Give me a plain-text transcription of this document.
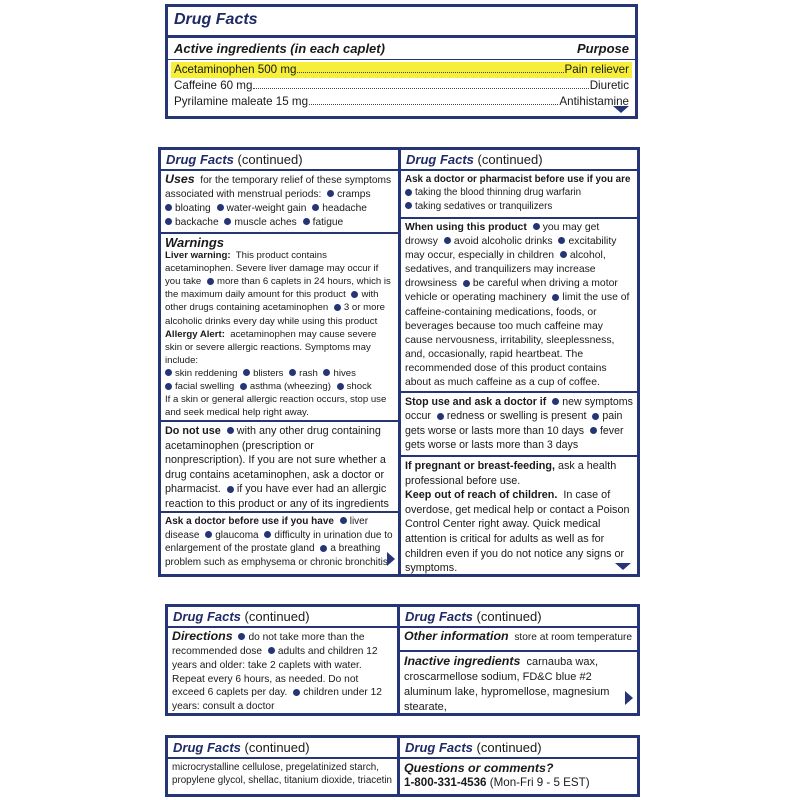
Drug Facts
Active ingredients (in each caplet)	Purpose
Acetaminophen 500 mg	Pain reliever
Caffeine 60 mg	Diuretic
Pyrilamine maleate 15 mg	Antihistamine
Drug Facts (continued)
Uses for the temporary relief of these symptoms associated with menstrual periods: cramps
bloating water-weight gain headache
backache muscle aches fatigue
Warnings
Liver warning: This product contains acetaminophen. Severe liver damage may occur if you take more than 6 caplets in 24 hours, which is the maximum daily amount for this product with other drugs containing acetaminophen 3 or more alcoholic drinks every day while using this product
Allergy Alert: acetaminophen may cause severe skin or severe allergic reactions. Symptoms may include:
skin reddening blisters rash hives
facial swelling asthma (wheezing) shock
If a skin or general allergic reaction occurs, stop use and seek medical help right away.
Do not use with any other drug containing acetaminophen (prescription or nonprescription). If you are not sure whether a drug contains acetaminophen, ask a doctor or pharmacist. if you have ever had an allergic reaction to this product or any of its ingredients
Ask a doctor before use if you have liver disease glaucoma difficulty in urination due to enlargement of the prostate gland a breathing problem such as emphysema or chronic bronchitis
Drug Facts (continued)
Ask a doctor or pharmacist before use if you are
taking the blood thinning drug warfarin
taking sedatives or tranquilizers
When using this product you may get drowsy avoid alcoholic drinks excitability may occur, especially in children alcohol, sedatives, and tranquilizers may increase drowsiness be careful when driving a motor vehicle or operating machinery limit the use of caffeine-containing medications, foods, or beverages because too much caffeine may cause nervousness, irritability, sleeplessness, and, occasionally, rapid heartbeat. The recommended dose of this product contains about as much caffeine as a cup of coffee.
Stop use and ask a doctor if new symptoms occur redness or swelling is present pain gets worse or lasts more than 10 days fever gets worse or lasts more than 3 days
If pregnant or breast-feeding, ask a health professional before use.
Keep out of reach of children. In case of overdose, get medical help or contact a Poison Control Center right away. Quick medical attention is critical for adults as well as for children even if you do not notice any signs or symptoms.
Drug Facts (continued)
Directions do not take more than the recommended dose adults and children 12 years and older: take 2 caplets with water. Repeat every 6 hours, as needed. Do not exceed 6 caplets per day. children under 12 years: consult a doctor
Drug Facts (continued)
Other information store at room temperature
Inactive ingredients carnauba wax, croscarmellose sodium, FD&C blue #2 aluminum lake, hypromellose, magnesium stearate,
Drug Facts (continued)
microcrystalline cellulose, pregelatinized starch, propylene glycol, shellac, titanium dioxide, triacetin
Drug Facts (continued)
Questions or comments?
1-800-331-4536 (Mon-Fri 9 - 5 EST)
